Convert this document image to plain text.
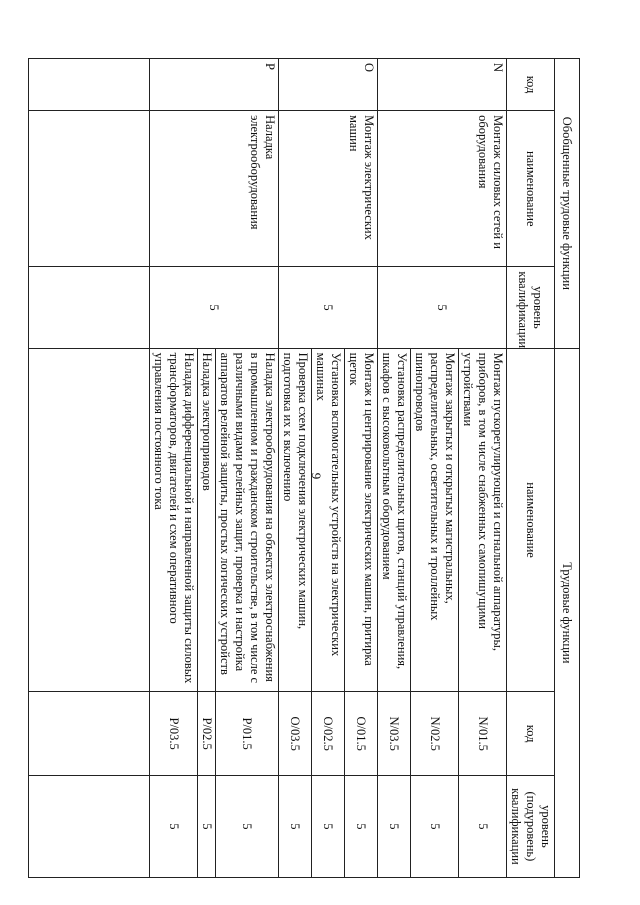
9
Обобщенные трудовые функции			Трудовые функции		
код	наименование	уровень квалификации	наименование	код	уровень (подуровень) квалификации
N	Монтаж силовых сетей и оборудования	5	Монтаж пускорегулирующей и сигнальной аппаратуры, приборов, в том числе снабженных самопишущими устройствами	N/01.5	5
			Монтаж закрытых и открытых магистральных, распределительных, осветительных и троллейных шинопроводов	N/02.5	5
			Установка распределительных щитов, станций управления, шкафов с высоковольтным оборудованием	N/03.5	5
O	Монтаж электрических машин	5	Монтаж и центрирование электрических машин, притирка щеток	O/01.5	5
			Установка вспомогательных устройств на электрических машинах	O/02.5	5
			Проверка схем подключения электрических машин, подготовка их к включению	O/03.5	5
P	Наладка электрооборудования	5	Наладка электрооборудования на объектах электроснабжения в промышленном и гражданском строительстве, в том числе с различными видами релейных защит, проверка и настройка аппаратов релейной защиты, простых логических устройств	P/01.5	5
			Наладка электроприводов	P/02.5	5
			Наладка дифференциальной и направленной защиты силовых трансформаторов, двигателей и схем оперативного управления постоянного тока	P/03.5	5
